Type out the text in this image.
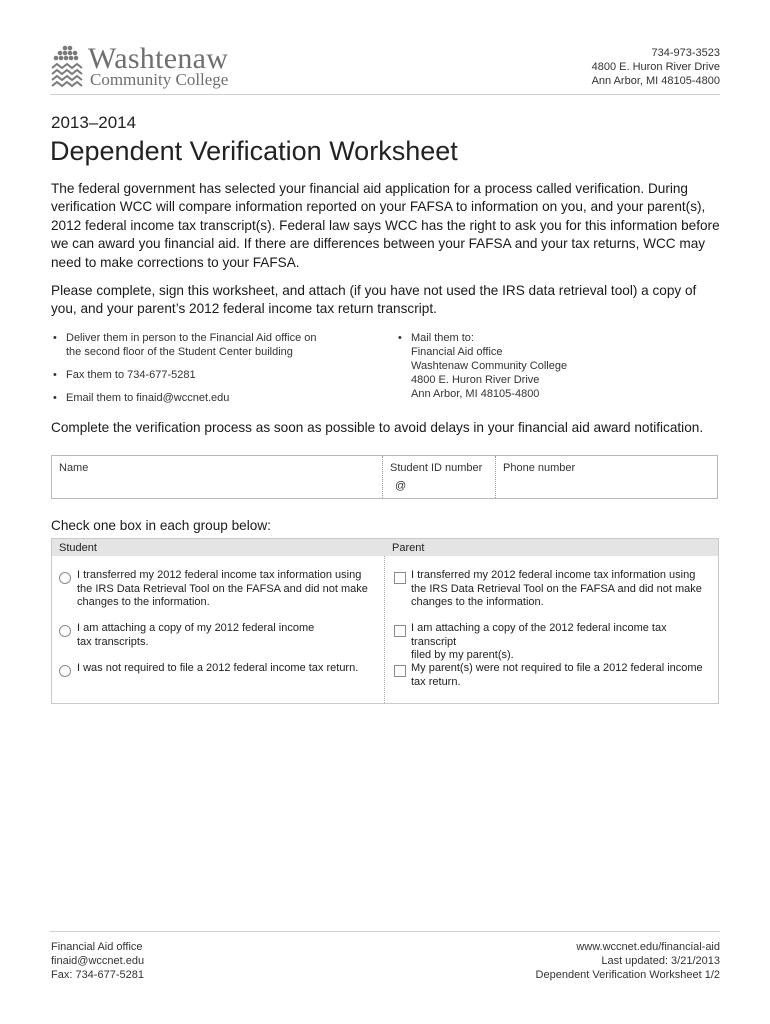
Washtenaw
Community College
734-973-3523
4800 E. Huron River Drive
Ann Arbor, MI 48105-4800
2013–2014
Dependent Verification Worksheet
The federal government has selected your financial aid application for a process called verification. During verification WCC will compare information reported on your FAFSA to information on you, and your parent(s), 2012 federal income tax transcript(s). Federal law says WCC has the right to ask you for this information before we can award you financial aid. If there are differences between your FAFSA and your tax returns, WCC may need to make corrections to your FAFSA.
Please complete, sign this worksheet, and attach (if you have not used the IRS data retrieval tool) a copy of you, and your parent’s 2012 federal income tax return transcript.
• Deliver them in person to the Financial Aid office on
the second floor of the Student Center building
• Fax them to 734-677-5281
• Email them to finaid@wccnet.edu
• Mail them to:
Financial Aid office
Washtenaw Community College
4800 E. Huron River Drive
Ann Arbor, MI 48105-4800
Complete the verification process as soon as possible to avoid delays in your financial aid award notification.
Name	Student ID number
@
Phone number
Check one box in each group below:
Student	Parent
I transferred my 2012 federal income tax information using
the IRS Data Retrieval Tool on the FAFSA and did not make
changes to the information.
I am attaching a copy of my 2012 federal income
tax transcripts.
I was not required to file a 2012 federal income tax return.
I transferred my 2012 federal income tax information using
the IRS Data Retrieval Tool on the FAFSA and did not make
changes to the information.
I am attaching a copy of the 2012 federal income tax transcript
filed by my parent(s).
My parent(s) were not required to file a 2012 federal income
tax return.
Financial Aid office
finaid@wccnet.edu
Fax: 734-677-5281
www.wccnet.edu/financial-aid
Last updated: 3/21/2013
Dependent Verification Worksheet 1/2
